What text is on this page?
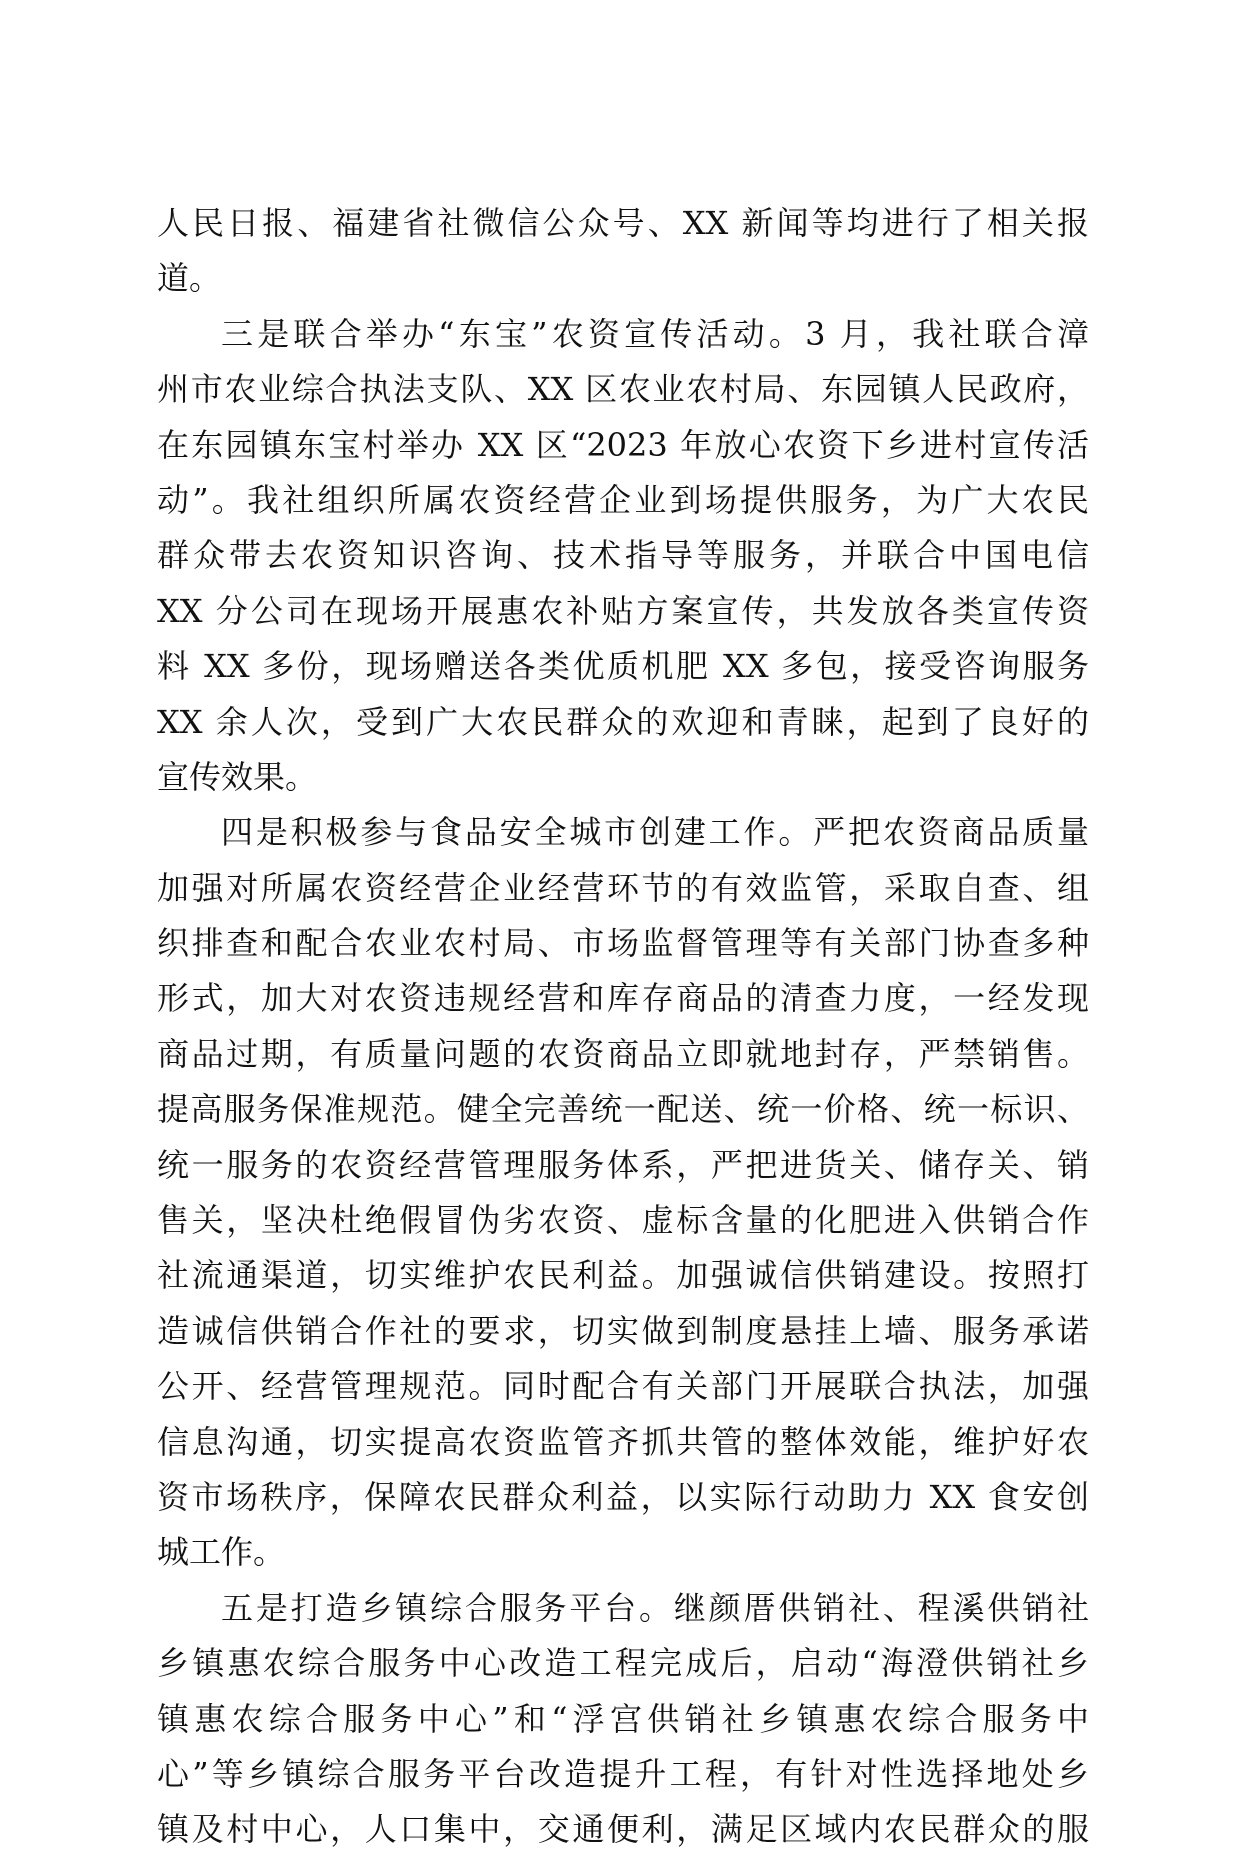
人民日报、福建省社微信公众号、XX 新闻等均进行了相关报
道。
三是联合举办“东宝”农资宣传活动。3 月，我社联合漳
州市农业综合执法支队、XX 区农业农村局、东园镇人民政府，
在东园镇东宝村举办 XX 区“2023 年放心农资下乡进村宣传活
动”。我社组织所属农资经营企业到场提供服务，为广大农民
群众带去农资知识咨询、技术指导等服务，并联合中国电信
XX 分公司在现场开展惠农补贴方案宣传，共发放各类宣传资
料 XX 多份，现场赠送各类优质机肥 XX 多包，接受咨询服务
XX 余人次，受到广大农民群众的欢迎和青睐，起到了良好的
宣传效果。
四是积极参与食品安全城市创建工作。严把农资商品质量
加强对所属农资经营企业经营环节的有效监管，采取自查、组
织排查和配合农业农村局、市场监督管理等有关部门协查多种
形式，加大对农资违规经营和库存商品的清查力度，一经发现
商品过期，有质量问题的农资商品立即就地封存，严禁销售。
提高服务保准规范。健全完善统一配送、统一价格、统一标识、
统一服务的农资经营管理服务体系，严把进货关、储存关、销
售关，坚决杜绝假冒伪劣农资、虚标含量的化肥进入供销合作
社流通渠道，切实维护农民利益。加强诚信供销建设。按照打
造诚信供销合作社的要求，切实做到制度悬挂上墙、服务承诺
公开、经营管理规范。同时配合有关部门开展联合执法，加强
信息沟通，切实提高农资监管齐抓共管的整体效能，维护好农
资市场秩序，保障农民群众利益，以实际行动助力 XX 食安创
城工作。
五是打造乡镇综合服务平台。继颜厝供销社、程溪供销社
乡镇惠农综合服务中心改造工程完成后，启动“海澄供销社乡
镇惠农综合服务中心”和“浮宫供销社乡镇惠农综合服务中
心”等乡镇综合服务平台改造提升工程，有针对性选择地处乡
镇及村中心，人口集中，交通便利，满足区域内农民群众的服
